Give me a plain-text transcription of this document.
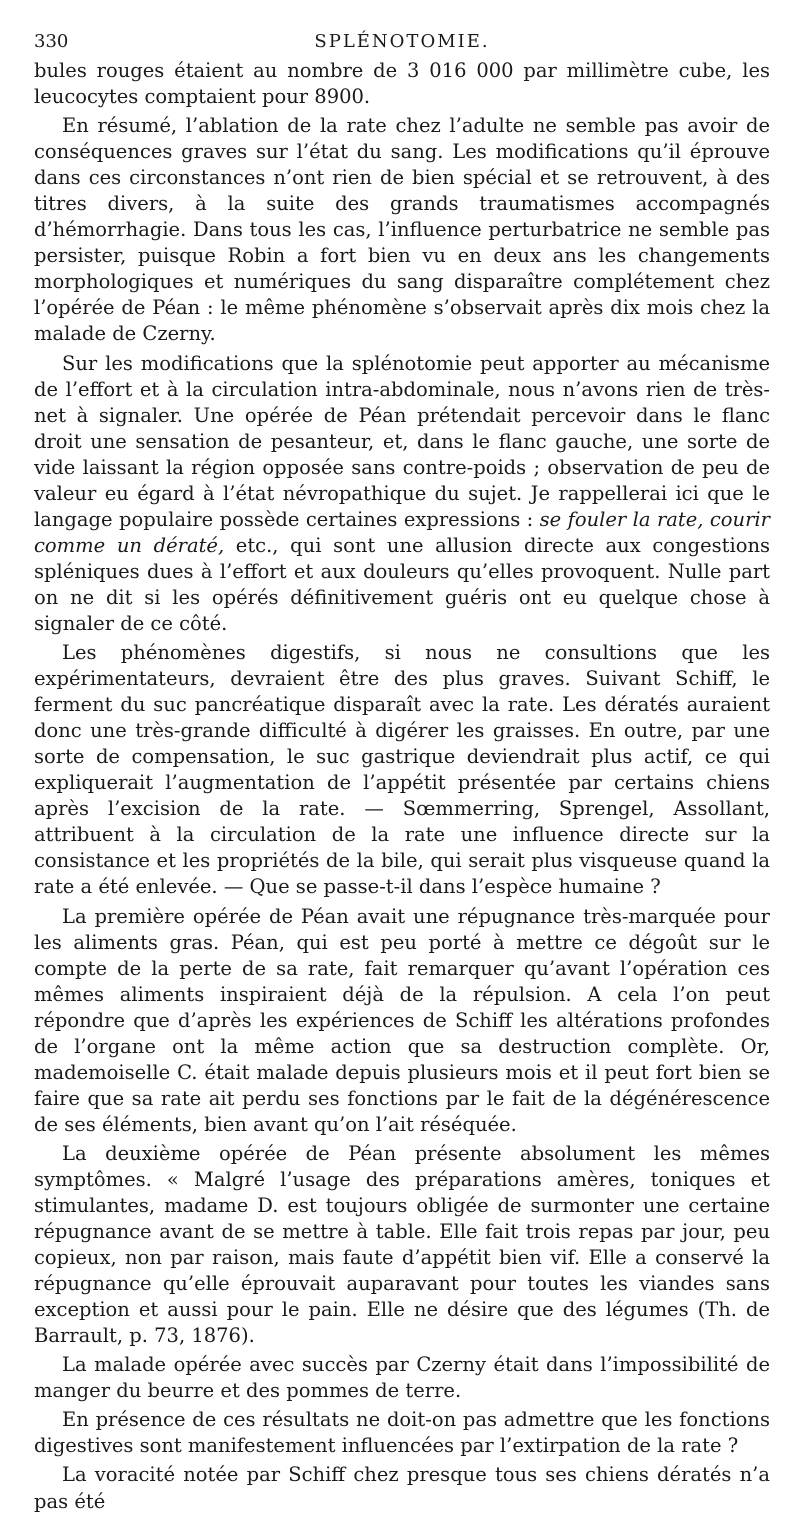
330	SPLÉNOTOMIE.

bules rouges étaient au nombre de 3 016 000 par millimètre cube, les leucocytes comptaient pour 8900.

En résumé, l’ablation de la rate chez l’adulte ne semble pas avoir de conséquences graves sur l’état du sang. Les modifications qu’il éprouve dans ces circonstances n’ont rien de bien spécial et se retrouvent, à des titres divers, à la suite des grands traumatismes accompagnés d’hémorrhagie. Dans tous les cas, l’influence perturbatrice ne semble pas persister, puisque Robin a fort bien vu en deux ans les changements morphologiques et numériques du sang disparaître complétement chez l’opérée de Péan : le même phénomène s’observait après dix mois chez la malade de Czerny.

Sur les modifications que la splénotomie peut apporter au mécanisme de l’effort et à la circulation intra-abdominale, nous n’avons rien de très-net à signaler. Une opérée de Péan prétendait percevoir dans le flanc droit une sensation de pesanteur, et, dans le flanc gauche, une sorte de vide laissant la région opposée sans contre-poids ; observation de peu de valeur eu égard à l’état névropathique du sujet. Je rappellerai ici que le langage populaire possède certaines expressions : se fouler la rate, courir comme un dératé, etc., qui sont une allusion directe aux congestions spléniques dues à l’effort et aux douleurs qu’elles provoquent. Nulle part on ne dit si les opérés définitivement guéris ont eu quelque chose à signaler de ce côté.

Les phénomènes digestifs, si nous ne consultions que les expérimentateurs, devraient être des plus graves. Suivant Schiff, le ferment du suc pancréatique disparaît avec la rate. Les dératés auraient donc une très-grande difficulté à digérer les graisses. En outre, par une sorte de compensation, le suc gastrique deviendrait plus actif, ce qui expliquerait l’augmentation de l’appétit présentée par certains chiens après l’excision de la rate. — Sœmmerring, Sprengel, Assollant, attribuent à la circulation de la rate une influence directe sur la consistance et les propriétés de la bile, qui serait plus visqueuse quand la rate a été enlevée. — Que se passe-t-il dans l’espèce humaine ?

La première opérée de Péan avait une répugnance très-marquée pour les aliments gras. Péan, qui est peu porté à mettre ce dégoût sur le compte de la perte de sa rate, fait remarquer qu’avant l’opération ces mêmes aliments inspiraient déjà de la répulsion. A cela l’on peut répondre que d’après les expériences de Schiff les altérations profondes de l’organe ont la même action que sa destruction complète. Or, mademoiselle C. était malade depuis plusieurs mois et il peut fort bien se faire que sa rate ait perdu ses fonctions par le fait de la dégénérescence de ses éléments, bien avant qu’on l’ait réséquée.

La deuxième opérée de Péan présente absolument les mêmes symptômes. « Malgré l’usage des préparations amères, toniques et stimulantes, madame D. est toujours obligée de surmonter une certaine répugnance avant de se mettre à table. Elle fait trois repas par jour, peu copieux, non par raison, mais faute d’appétit bien vif. Elle a conservé la répugnance qu’elle éprouvait auparavant pour toutes les viandes sans exception et aussi pour le pain. Elle ne désire que des légumes (Th. de Barrault, p. 73, 1876).

La malade opérée avec succès par Czerny était dans l’impossibilité de manger du beurre et des pommes de terre.

En présence de ces résultats ne doit-on pas admettre que les fonctions digestives sont manifestement influencées par l’extirpation de la rate ?

La voracité notée par Schiff chez presque tous ses chiens dératés n’a pas été
